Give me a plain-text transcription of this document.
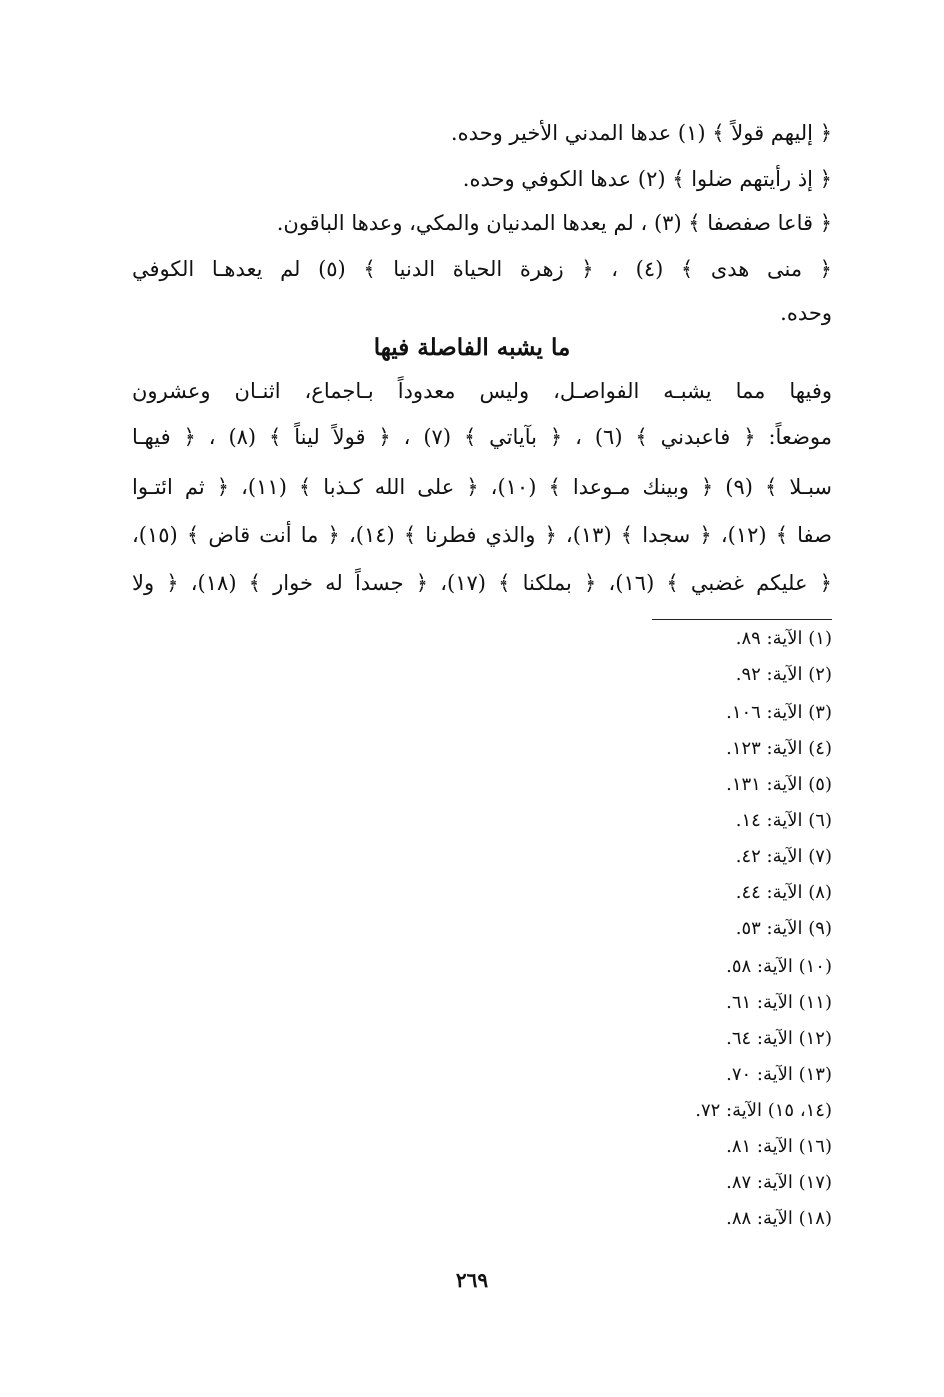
﴿ إليهم قولاً ﴾ (١) عدها المدني الأخير وحده.
﴿ إذ رأيتهم ضلوا ﴾ (٢) عدها الكوفي وحده.
﴿ قاعا صفصفا ﴾ (٣) ، لم يعدها المدنيان والمكي، وعدها الباقون.
﴿ منى هدى ﴾ (٤) ، ﴿ زهرة الحياة الدنيا ﴾ (٥) لم يعدهـا الكوفي
وحده.
ما يشبه الفاصلة فيها
وفيها مما يشبـه الفواصـل، وليس معدوداً بـاجماع، اثنـان وعشرون
موضعاً: ﴿ فاعبدني ﴾ (٦) ، ﴿ بآياتي ﴾ (٧) ، ﴿ قولاً ليناً ﴾ (٨) ، ﴿ فيهـا
سبـلا ﴾ (٩) ﴿ وبينك مـوعدا ﴾ (١٠)، ﴿ على الله كـذبا ﴾ (١١)، ﴿ ثم ائتـوا
صفا ﴾ (١٢)، ﴿ سجدا ﴾ (١٣)، ﴿ والذي فطرنا ﴾ (١٤)، ﴿ ما أنت قاض ﴾ (١٥)،
﴿ عليكم غضبي ﴾ (١٦)، ﴿ بملكنا ﴾ (١٧)، ﴿ جسداً له خوار ﴾ (١٨)، ﴿ ولا
(١) الآية: ٨٩.
(٢) الآية: ٩٢.
(٣) الآية: ١٠٦.
(٤) الآية: ١٢٣.
(٥) الآية: ١٣١.
(٦) الآية: ١٤.
(٧) الآية: ٤٢.
(٨) الآية: ٤٤.
(٩) الآية: ٥٣.
(١٠) الآية: ٥٨.
(١١) الآية: ٦١.
(١٢) الآية: ٦٤.
(١٣) الآية: ٧٠.
(١٤، ١٥) الآية: ٧٢.
(١٦) الآية: ٨١.
(١٧) الآية: ٨٧.
(١٨) الآية: ٨٨.
٢٦٩
